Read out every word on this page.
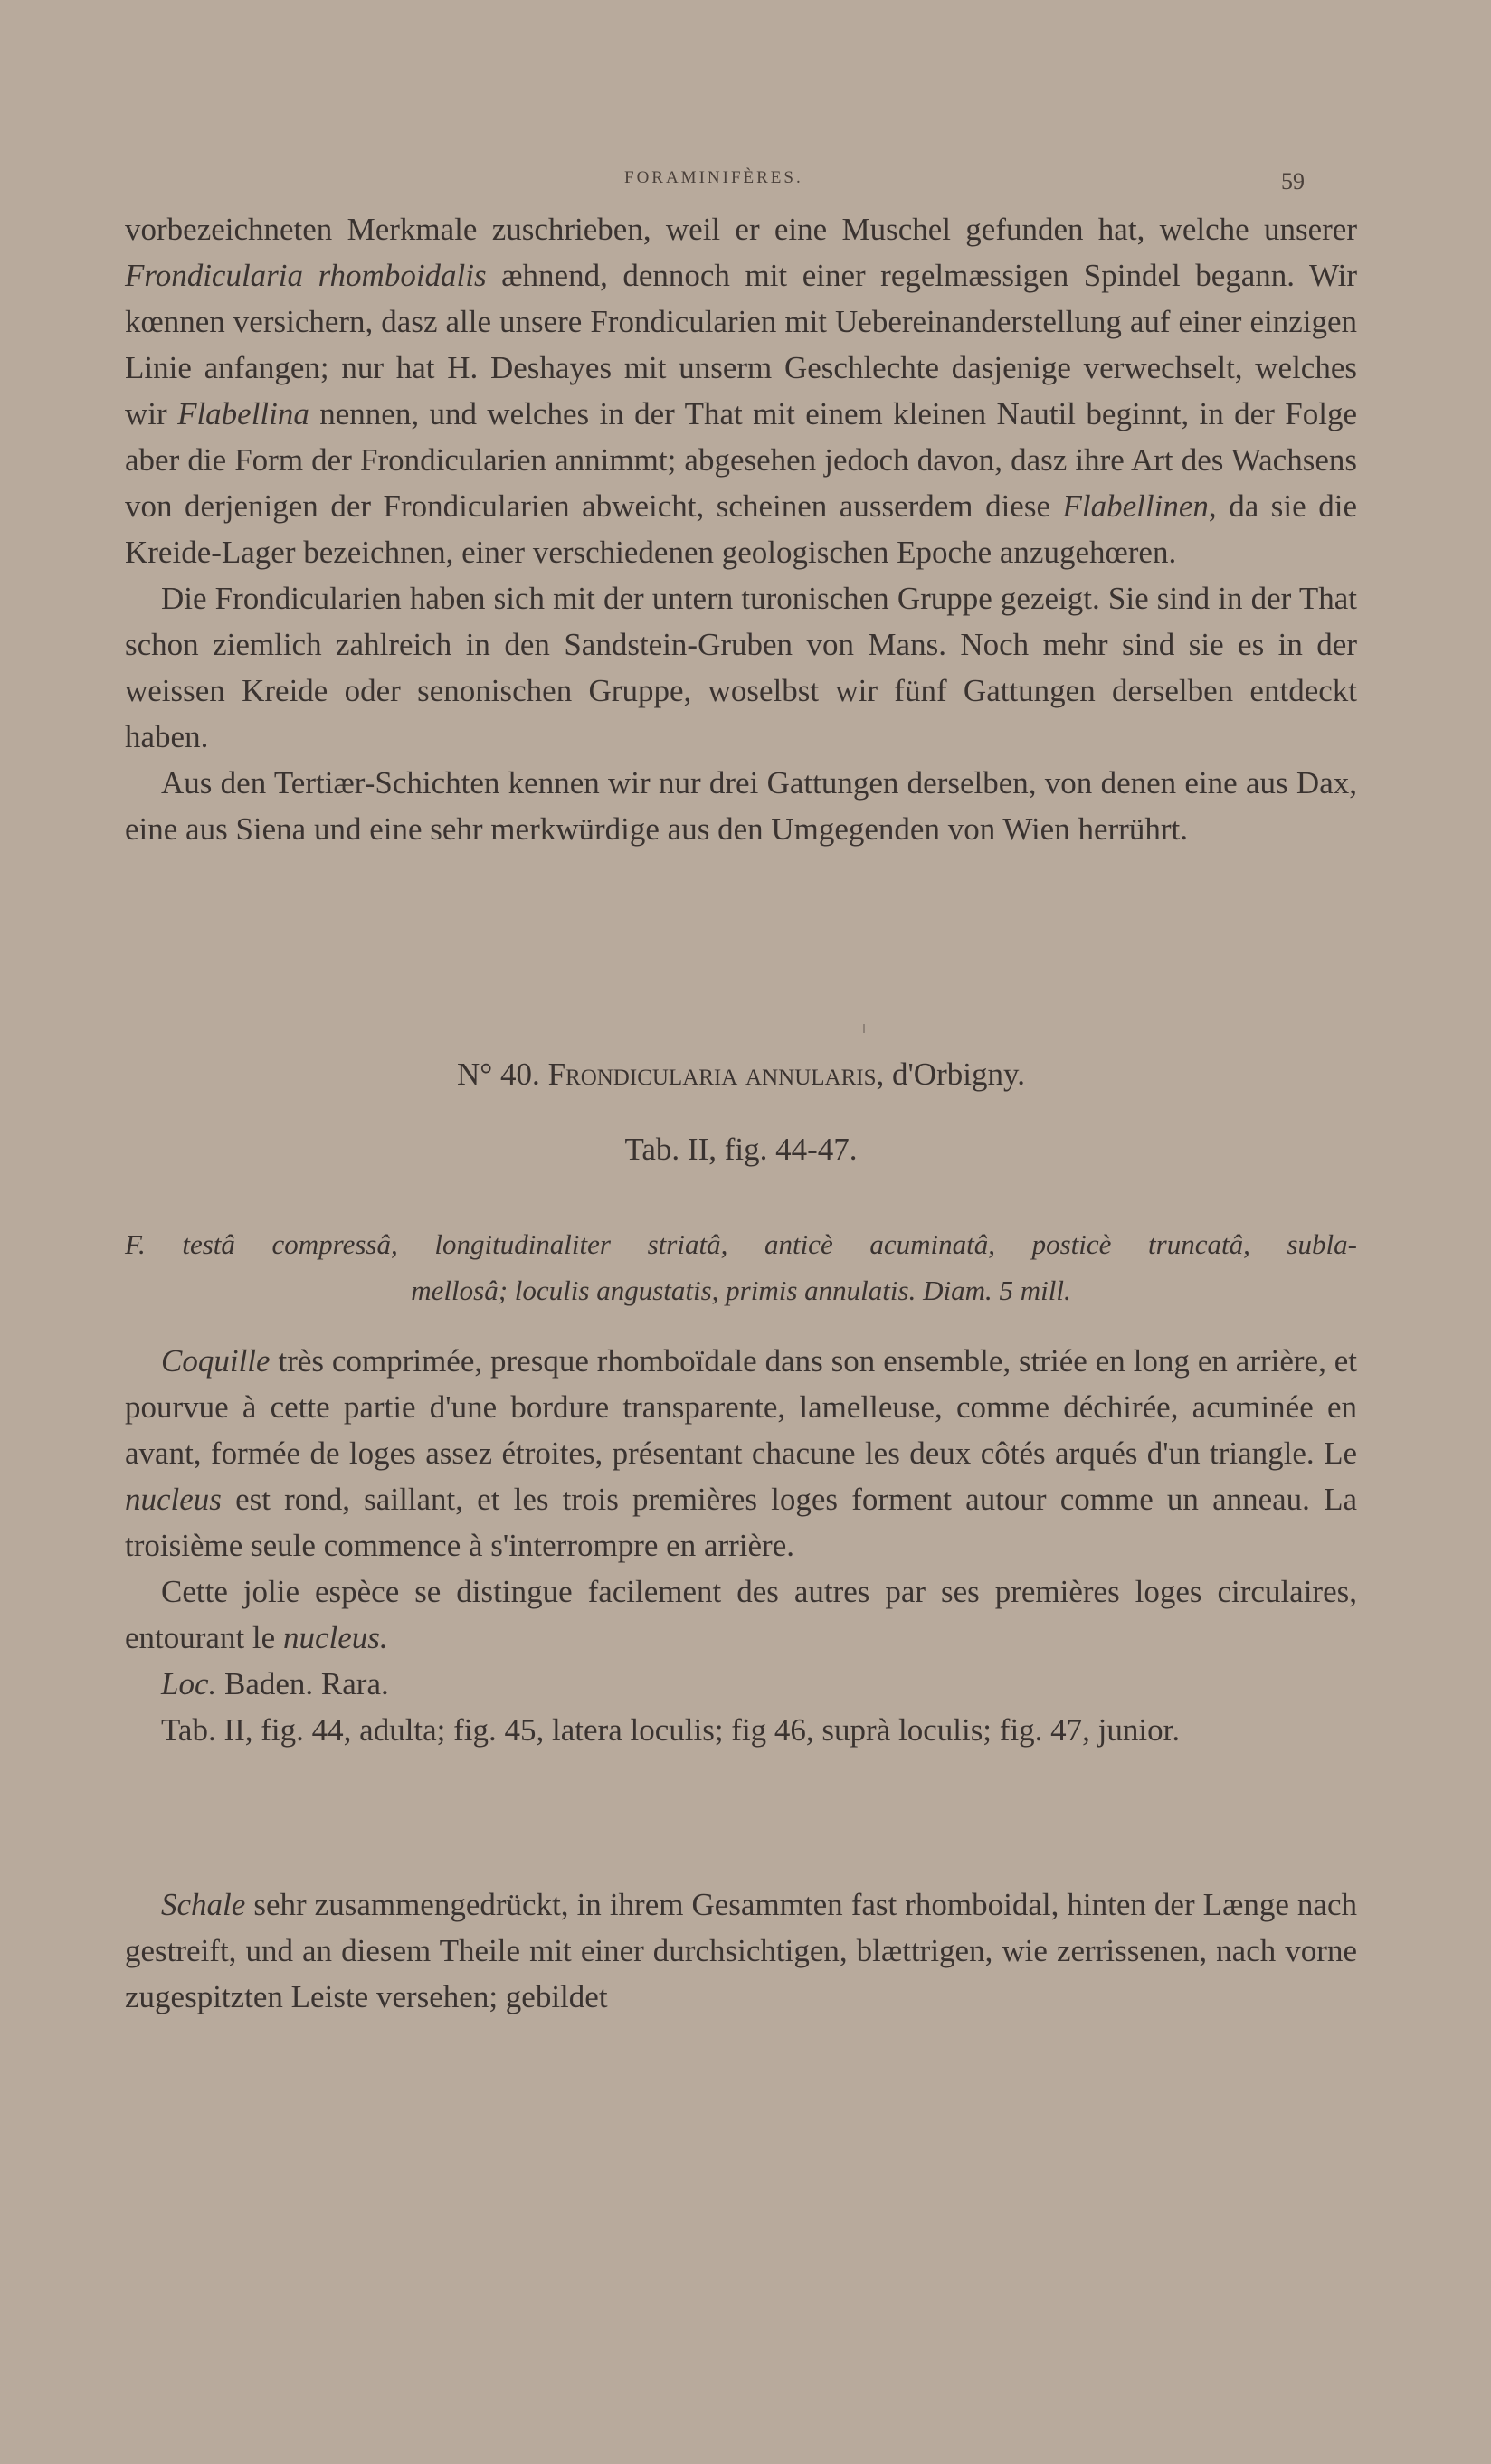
FORAMINIFÈRES.	59

vorbezeichneten Merkmale zuschrieben, weil er eine Muschel gefunden hat, welche unserer Frondicularia rhomboidalis æhnend, dennoch mit einer regelmæssigen Spindel begann. Wir kœnnen versichern, dasz alle unsere Frondicularien mit Uebereinanderstellung auf einer einzigen Linie anfangen; nur hat H. Deshayes mit unserm Geschlechte dasjenige verwechselt, welches wir Flabellina nennen, und welches in der That mit einem kleinen Nautil beginnt, in der Folge aber die Form der Frondicularien annimmt; abgesehen jedoch davon, dasz ihre Art des Wachsens von derjenigen der Frondicularien abweicht, scheinen ausserdem diese Flabellinen, da sie die Kreide-Lager bezeichnen, einer verschiedenen geologischen Epoche anzugehœren.

Die Frondicularien haben sich mit der untern turonischen Gruppe gezeigt. Sie sind in der That schon ziemlich zahlreich in den Sandstein-Gruben von Mans. Noch mehr sind sie es in der weissen Kreide oder senonischen Gruppe, woselbst wir fünf Gattungen derselben entdeckt haben.

Aus den Tertiær-Schichten kennen wir nur drei Gattungen derselben, von denen eine aus Dax, eine aus Siena und eine sehr merkwürdige aus den Umgegenden von Wien herrührt.

N° 40. Frondicularia annularis, d'Orbigny.
Tab. II, fig. 44-47.
F. testâ compressâ, longitudinaliter striatâ, anticè acuminatâ, posticè truncatâ, subla-
mellosâ; loculis angustatis, primis annulatis. Diam. 5 mill.

Coquille très comprimée, presque rhomboïdale dans son ensemble, striée en long en arrière, et pourvue à cette partie d'une bordure transparente, lamelleuse, comme déchirée, acuminée en avant, formée de loges assez étroites, présentant chacune les deux côtés arqués d'un triangle. Le nucleus est rond, saillant, et les trois premières loges forment autour comme un anneau. La troisième seule commence à s'interrompre en arrière.

Cette jolie espèce se distingue facilement des autres par ses premières loges circulaires, entourant le nucleus.

Loc. Baden. Rara.

Tab. II, fig. 44, adulta; fig. 45, latera loculis; fig 46, suprà loculis; fig. 47, junior.

Schale sehr zusammengedrückt, in ihrem Gesammten fast rhomboidal, hinten der Længe nach gestreift, und an diesem Theile mit einer durchsichtigen, blættrigen, wie zerrissenen, nach vorne zugespitzten Leiste versehen; gebildet
